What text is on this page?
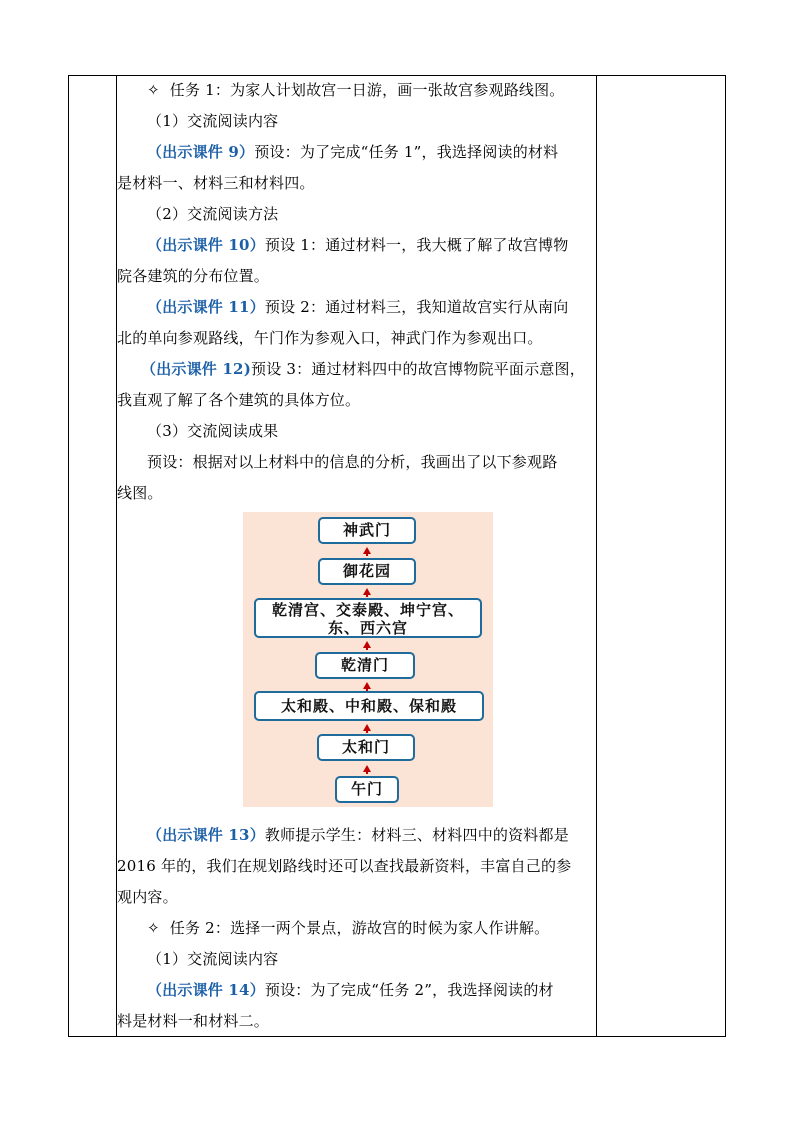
✧ 任务 1：为家人计划故宫一日游，画一张故宫参观路线图。
（1）交流阅读内容
（出示课件 9）预设：为了完成“任务 1”，我选择阅读的材料
是材料一、材料三和材料四。
（2）交流阅读方法
（出示课件 10）预设 1：通过材料一，我大概了解了故宫博物
院各建筑的分布位置。
（出示课件 11）预设 2：通过材料三，我知道故宫实行从南向
北的单向参观路线，午门作为参观入口，神武门作为参观出口。
（出示课件 12)预设 3：通过材料四中的故宫博物院平面示意图，
我直观了解了各个建筑的具体方位。
（3）交流阅读成果
预设：根据对以上材料中的信息的分析，我画出了以下参观路
线图。
（出示课件 13）教师提示学生：材料三、材料四中的资料都是
2016 年的，我们在规划路线时还可以查找最新资料，丰富自己的参
观内容。
✧ 任务 2：选择一两个景点，游故宫的时候为家人作讲解。
（1）交流阅读内容
（出示课件 14）预设：为了完成“任务 2”，我选择阅读的材
料是材料一和材料二。
神武门
御花园
乾清宫、交泰殿、坤宁宫、
东、西六宫
乾清门
太和殿、中和殿、保和殿
太和门
午门
